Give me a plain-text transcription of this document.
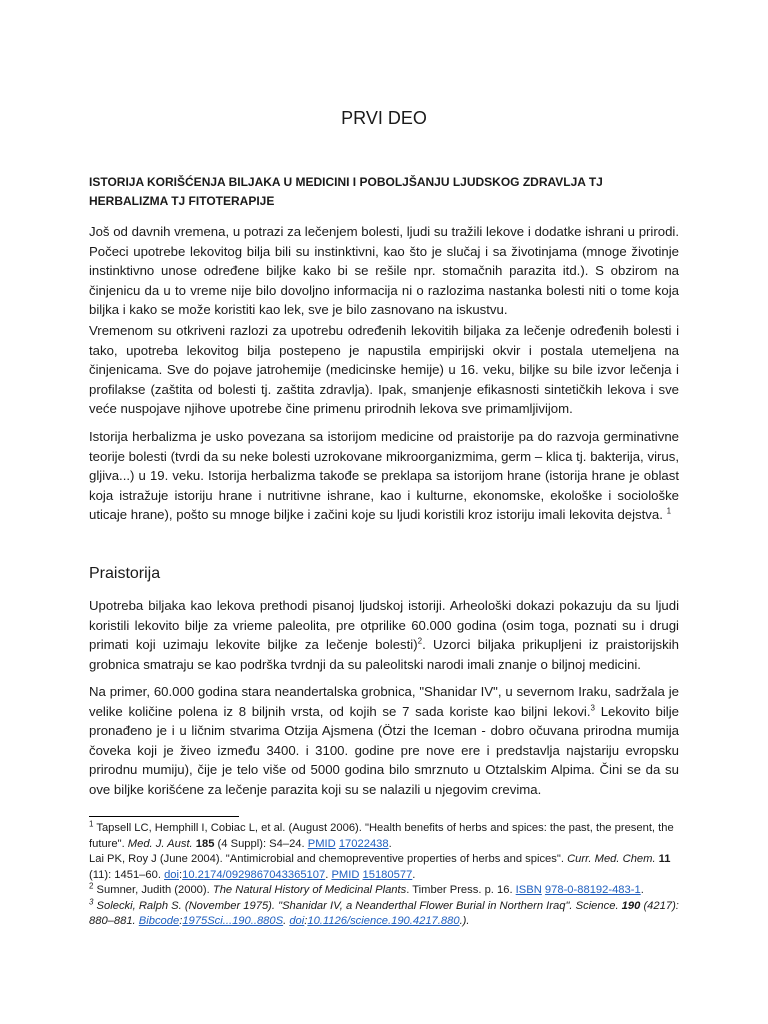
PRVI DEO
ISTORIJA KORIŠĆENJA BILJAKA U MEDICINI I POBOLJŠANJU LJUDSKOG ZDRAVLJA TJ HERBALIZMA TJ FITOTERAPIJE

Još od davnih vremena, u potrazi za lečenjem bolesti, ljudi su tražili lekove i dodatke ishrani u prirodi. Počeci upotrebe lekovitog bilja bili su instinktivni, kao što je slučaj i sa životinjama (mnoge životinje instinktivno unose određene biljke kako bi se rešile npr. stomačnih parazita itd.). S obzirom na činjenicu da u to vreme nije bilo dovoljno informacija ni o razlozima nastanka bolesti niti o tome koja biljka i kako se može koristiti kao lek, sve je bilo zasnovano na iskustvu.

Vremenom su otkriveni razlozi za upotrebu određenih lekovitih biljaka za lečenje određenih bolesti i tako, upotreba lekovitog bilja postepeno je napustila empirijski okvir i postala utemeljena na činjenicama. Sve do pojave jatrohemije (medicinske hemije) u 16. veku, biljke su bile izvor lečenja i profilakse (zaštita od bolesti tj. zaštita zdravlja). Ipak, smanjenje efikasnosti sintetičkih lekova i sve veće nuspojave njihove upotrebe čine primenu prirodnih lekova sve primamljivijom.

Istorija herbalizma je usko povezana sa istorijom medicine od praistorije pa do razvoja germinativne teorije bolesti (tvrdi da su neke bolesti uzrokovane mikroorganizmima, germ – klica tj. bakterija, virus, gljiva...) u 19. veku. Istorija herbalizma takođe se preklapa sa istorijom hrane (istorija hrane je oblast koja istražuje istoriju hrane i nutritivne ishrane, kao i kulturne, ekonomske, ekološke i sociološke uticaje hrane), pošto su mnoge biljke i začini koje su ljudi koristili kroz istoriju imali lekovita dejstva. $^1$

Praistorija

Upotreba biljaka kao lekova prethodi pisanoj ljudskoj istoriji. Arheološki dokazi pokazuju da su ljudi koristili lekovito bilje za vrieme paleolita, pre otprilike 60.000 godina (osim toga, poznati su i drugi primati koji uzimaju lekovite biljke za lečenje bolesti)$^2$. Uzorci biljaka prikupljeni iz praistorijskih grobnica smatraju se kao podrška tvrdnji da su paleolitski narodi imali znanje o biljnoj medicini.

Na primer, 60.000 godina stara neandertalska grobnica, "Shanidar IV", u severnom Iraku, sadržala je velike količine polena iz 8 biljnih vrsta, od kojih se 7 sada koriste kao biljni lekovi.$^3$ Lekovito bilje pronađeno je i u ličnim stvarima Otzija Ajsmena (Ötzi the Iceman - dobro očuvana prirodna mumija čoveka koji je živeo između 3400. i 3100. godine pre nove ere i predstavlja najstariju evropsku prirodnu mumiju), čije je telo više od 5000 godina bilo smrznuto u Otztalskim Alpima. Čini se da su ove biljke korišćene za lečenje parazita koji su se nalazili u njegovim crevima.

$^1$ Tapsell LC, Hemphill I, Cobiac L, et al. (August 2006). "Health benefits of herbs and spices: the past, the present, the future". Med. J. Aust. 185 (4 Suppl): S4–24. PMID 17022438.

Lai PK, Roy J (June 2004). "Antimicrobial and chemopreventive properties of herbs and spices". Curr. Med. Chem. 11 (11): 1451–60. doi:10.2174/0929867043365107. PMID 15180577.

$^2$ Sumner, Judith (2000). The Natural History of Medicinal Plants. Timber Press. p. 16. ISBN 978-0-88192-483-1.

$^3$ Solecki, Ralph S. (November 1975). "Shanidar IV, a Neanderthal Flower Burial in Northern Iraq". Science. 190 (4217): 880–881. Bibcode:1975Sci...190..880S. doi:10.1126/science.190.4217.880.).
